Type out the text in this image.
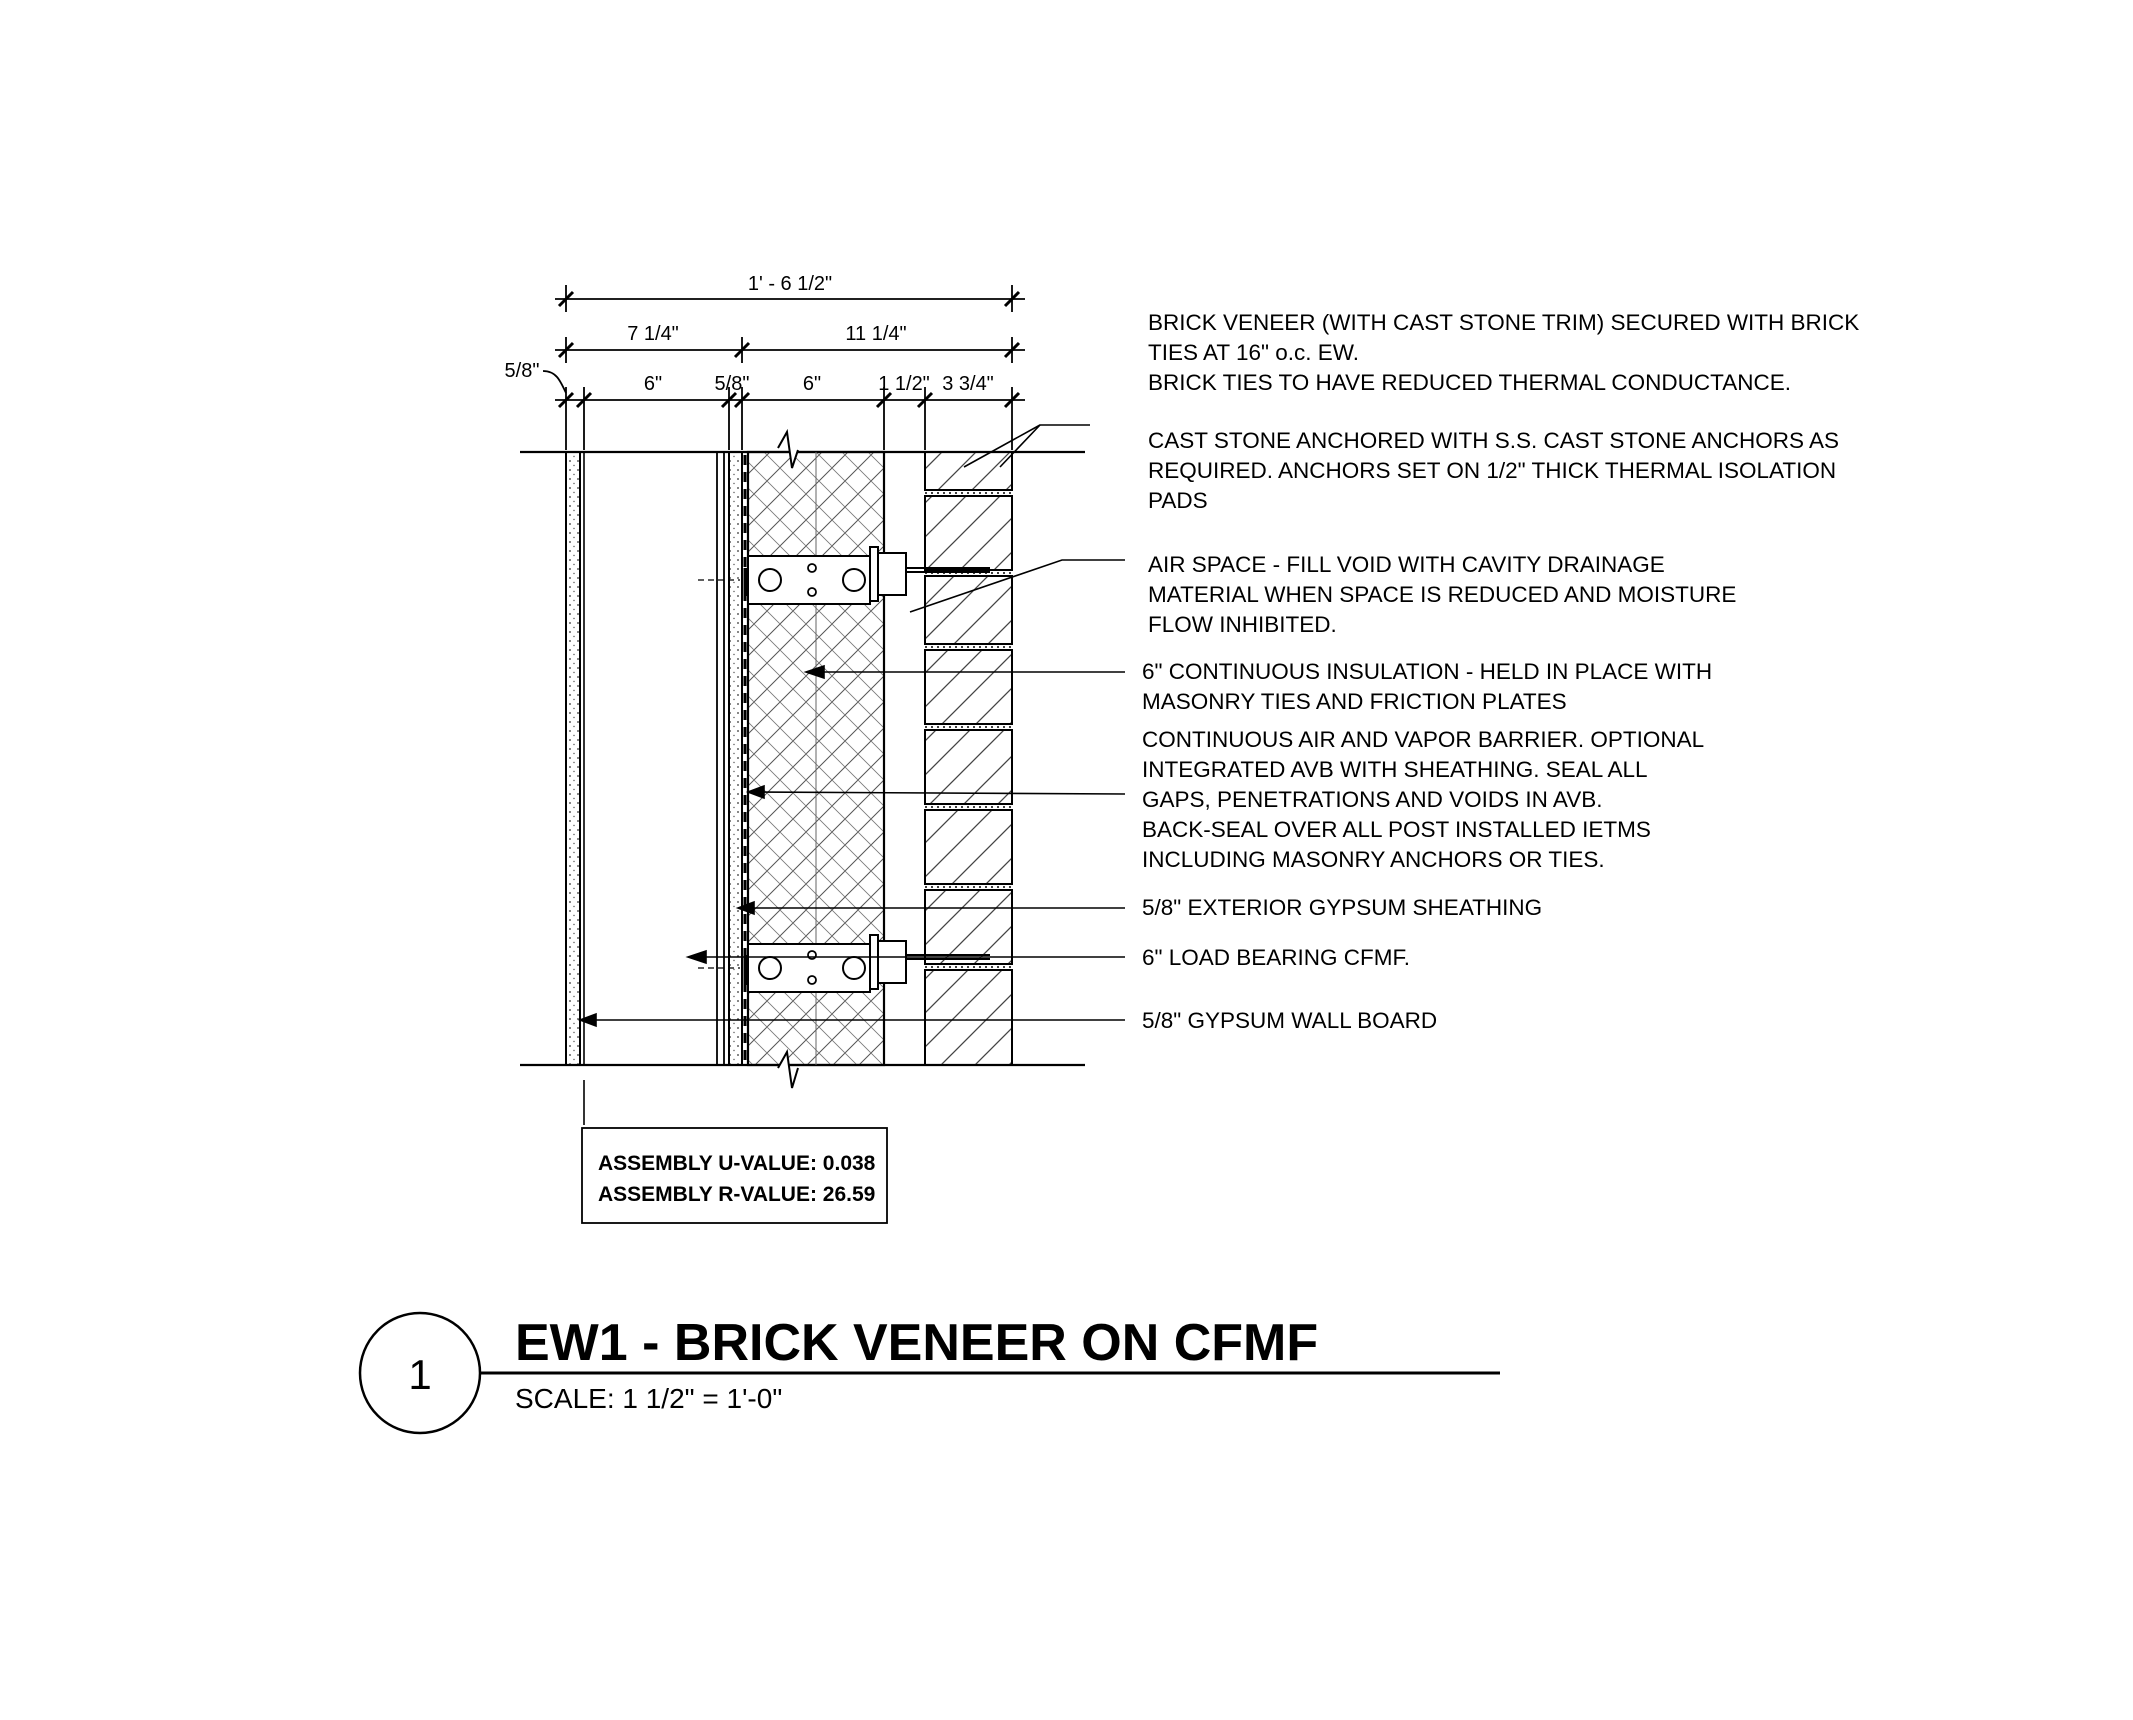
1' - 6 1/2"
7 1/4"	11 1/4"
5/8"
6"	5/8"	6"	1 1/2" 3 3/4"
BRICK VENEER (WITH CAST STONE TRIM) SECURED WITH BRICK TIES AT 16" o.c. EW. BRICK TIES TO HAVE REDUCED THERMAL CONDUCTANCE.
CAST STONE ANCHORED WITH S.S. CAST STONE ANCHORS AS REQUIRED. ANCHORS SET ON 1/2" THICK THERMAL ISOLATION PADS
AIR SPACE - FILL VOID WITH CAVITY DRAINAGE MATERIAL WHEN SPACE IS REDUCED AND MOISTURE FLOW INHIBITED.
6" CONTINUOUS INSULATION - HELD IN PLACE WITH MASONRY TIES AND FRICTION PLATES
CONTINUOUS AIR AND VAPOR BARRIER. OPTIONAL INTEGRATED AVB WITH SHEATHING. SEAL ALL GAPS, PENETRATIONS AND VOIDS IN AVB. BACK-SEAL OVER ALL POST INSTALLED IETMS INCLUDING MASONRY ANCHORS OR TIES.
5/8" EXTERIOR GYPSUM SHEATHING
6" LOAD BEARING CFMF.
5/8" GYPSUM WALL BOARD
ASSEMBLY U-VALUE: 0.038
ASSEMBLY R-VALUE: 26.59
1
EW1 - BRICK VENEER ON CFMF
SCALE: 1 1/2" = 1'-0"
